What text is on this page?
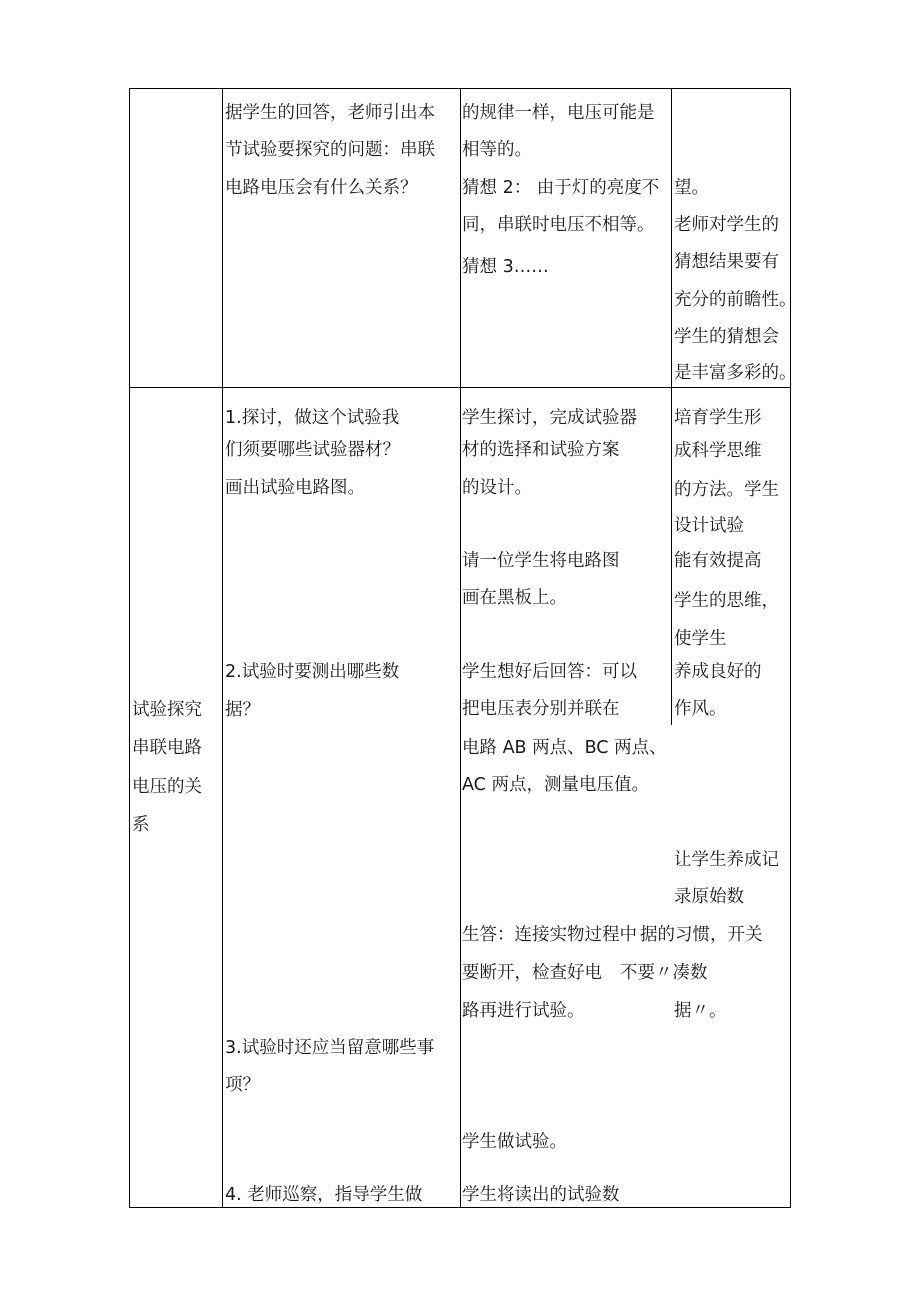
据学生的回答，老师引出本
节试验要探究的问题：串联
电路电压会有什么关系？
的规律一样，电压可能是
相等的。
猜想 2： 由于灯的亮度不
同，串联时电压不相等。
猜想 3……
望。
老师对学生的
猜想结果要有
充分的前瞻性。
学生的猜想会
是丰富多彩的。
试验探究
串联电路
电压的关
系
1.探讨，做这个试验我
们须要哪些试验器材？
画出试验电路图。
2.试验时要测出哪些数
据？
3.试验时还应当留意哪些事
项？
4. 老师巡察，指导学生做
学生探讨，完成试验器
材的选择和试验方案
的设计。
请一位学生将电路图
画在黑板上。
学生想好后回答：可以
把电压表分别并联在
电路 AB 两点、BC 两点、
AC 两点，测量电压值。
生答：连接实物过程中
要断开，检查好电
路再进行试验。
学生做试验。
学生将读出的试验数
培育学生形
成科学思维
的方法。学生
设计试验
能有效提高
学生的思维，
使学生
养成良好的
作风。
让学生养成记
录原始数
据的习惯，开关
不要〃凑数
据〃。
